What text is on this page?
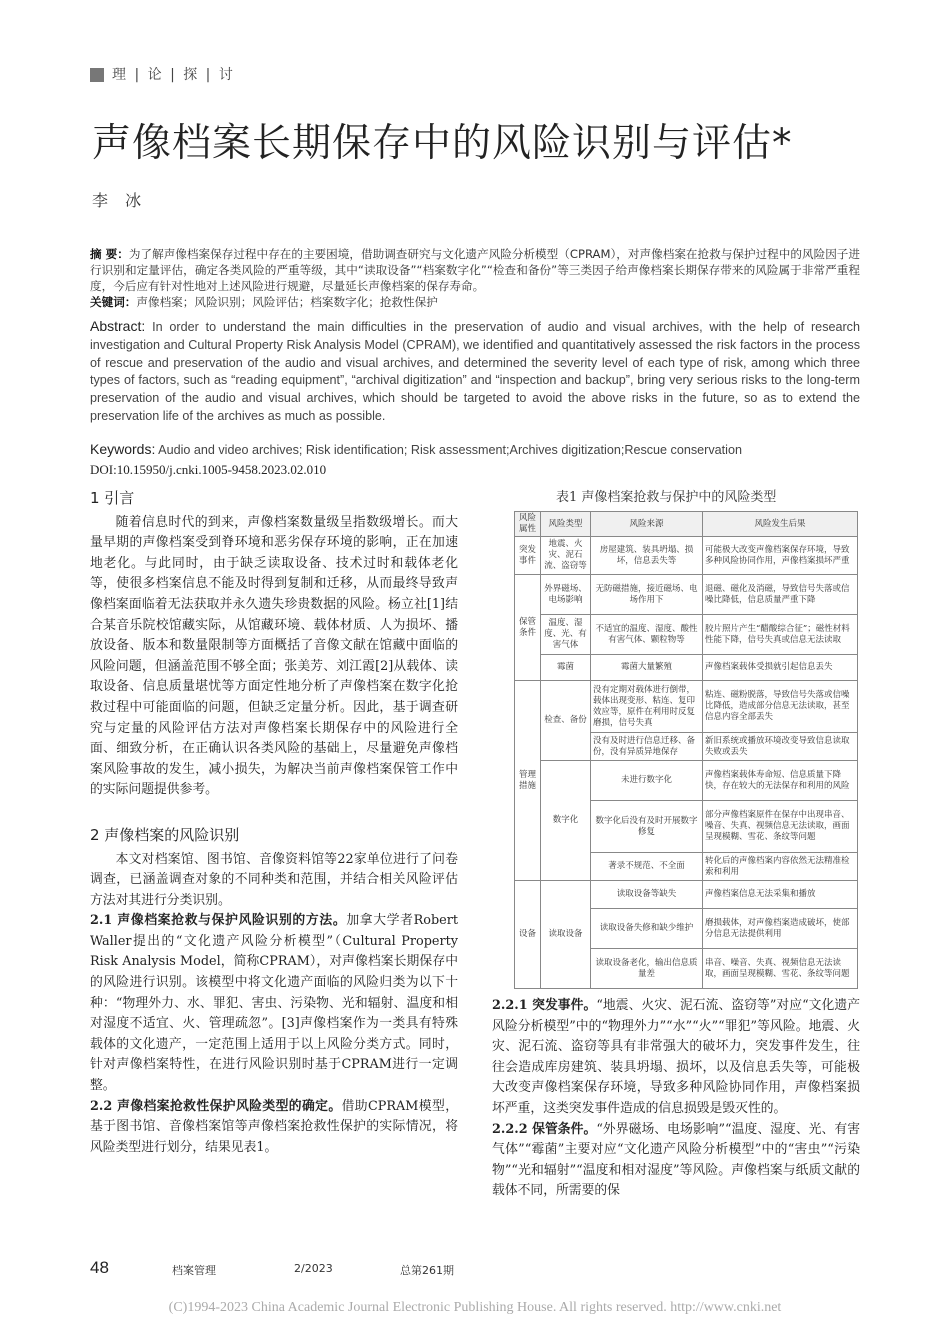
理 | 论 | 探 | 讨
声像档案长期保存中的风险识别与评估*
李 冰
摘 要：为了解声像档案保存过程中存在的主要困境，借助调查研究与文化遗产风险分析模型（CPRAM），对声像档案在抢救与保护过程中的风险因子进行识别和定量评估，确定各类风险的严重等级，其中“读取设备”“档案数字化”“检查和备份”等三类因子给声像档案长期保存带来的风险属于非常严重程度，今后应有针对性地对上述风险进行规避，尽量延长声像档案的保存寿命。
关键词：声像档案；风险识别；风险评估；档案数字化；抢救性保护
Abstract: In order to understand the main difficulties in the preservation of audio and visual archives, with the help of research investigation and Cultural Property Risk Analysis Model (CPRAM), we identified and quantitatively assessed the risk factors in the process of rescue and preservation of the audio and visual archives, and determined the severity level of each type of risk, among which three types of factors, such as “reading equipment”, “archival digitization” and “inspection and backup”, bring very serious risks to the long-term preservation of the audio and visual archives, which should be targeted to avoid the above risks in the future, so as to extend the preservation life of the archives as much as possible.
Keywords: Audio and video archives; Risk identification; Risk assessment;Archives digitization;Rescue conservation
DOI:10.15950/j.cnki.1005-9458.2023.02.010
1 引言

随着信息时代的到来，声像档案数量级呈指数级增长。而大量早期的声像档案受到脊环境和恶劣保存环境的影响，正在加速地老化。与此同时，由于缺乏读取设备、技术过时和载体老化等，使很多档案信息不能及时得到复制和迁移，从而最终导致声像档案面临着无法获取并永久遗失珍贵数据的风险。杨立社[1]结合某音乐院校馆藏实际，从馆藏环境、载体材质、人为损坏、播放设备、版本和数量限制等方面概括了音像文献在馆藏中面临的风险问题，但涵盖范围不够全面；张美芳、刘江霞[2]从载体、读取设备、信息质量堪忧等方面定性地分析了声像档案在数字化抢救过程中可能面临的问题，但缺乏定量分析。因此，基于调查研究与定量的风险评估方法对声像档案长期保存中的风险进行全面、细致分析，在正确认识各类风险的基础上，尽量避免声像档案风险事故的发生，减小损失，为解决当前声像档案保管工作中的实际问题提供参考。

2 声像档案的风险识别

本文对档案馆、图书馆、音像资料馆等22家单位进行了问卷调查，已涵盖调查对象的不同种类和范围，并结合相关风险评估方法对其进行分类识别。

2.1 声像档案抢救与保护风险识别的方法。加拿大学者Robert Waller提出的“文化遗产风险分析模型”（Cultural Property Risk Analysis Model，简称CPRAM），对声像档案长期保存中的风险进行识别。该模型中将文化遗产面临的风险归类为以下十种：“物理外力、水、罪犯、害虫、污染物、光和辐射、温度和相对湿度不适宜、火、管理疏忽”。[3]声像档案作为一类具有特殊载体的文化遗产，一定范围上适用于以上风险分类方式。同时，针对声像档案特性，在进行风险识别时基于CPRAM进行一定调整。

2.2 声像档案抢救性保护风险类型的确定。借助CPRAM模型，基于图书馆、音像档案馆等声像档案抢救性保护的实际情况，将风险类型进行划分，结果见表1。

表1 声像档案抢救与保护中的风险类型
风险属性	风险类型	风险来源	风险发生后果
突发事件	地震、火灾、泥石流、盗窃等	房屋建筑、装具坍塌、损坏，信息丢失等	可能极大改变声像档案保存环境，导致多种风险协同作用，声像档案损坏严重
保管条件	外界磁场、电场影响	无防磁措施，接近磁场、电场作用下	退磁、磁化及消磁，导致信号失落或信噪比降低，信息质量严重下降
	温度、湿度、光、有害气体	不适宜的温度、湿度、酸性有害气体、颗粒物等	胶片照片产生“醋酸综合征”；磁性材料性能下降，信号失真或信息无法读取
	霉菌	霉菌大量繁殖	声像档案载体受损就引起信息丢失
管理措施	检查、备份	没有定期对载体进行倒带，载体出现变形、粘连、复印效应等，原件在利用时反复磨损，信号失真	粘连、磁粉脱落，导致信号失落或信噪比降低，造成部分信息无法读取，甚至信息内容全部丢失
		没有及时进行信息迁移、备份，没有异质异地保存	新旧系统或播放环境改变导致信息读取失败或丢失
	数字化	未进行数字化	声像档案载体寿命短、信息质量下降快，存在较大的无法保存和利用的风险
		数字化后没有及时开展数字修复	部分声像档案原件在保存中出现串音、噪音、失真、视频信息无法读取，画面呈现模糊、雪花、条纹等问题
		著录不规范、不全面	转化后的声像档案内容依然无法精准检索和利用
设备	读取设备	读取设备等缺失	声像档案信息无法采集和播放
		读取设备失修和缺少维护	磨损载体，对声像档案造成破坏，使部分信息无法提供利用
		读取设备老化，输出信息质量差	串音、噪音、失真、视频信息无法读取，画面呈现模糊、雪花、条纹等问题

2.2.1 突发事件。“地震、火灾、泥石流、盗窃等”对应“文化遗产风险分析模型”中的“物理外力”“水”“火”“罪犯”等风险。地震、火灾、泥石流、盗窃等具有非常强大的破坏力，突发事件发生，往往会造成库房建筑、装具坍塌、损坏，以及信息丢失等，可能极大改变声像档案保存环境，导致多种风险协同作用，声像档案损坏严重，这类突发事件造成的信息损毁是毁灭性的。

2.2.2 保管条件。“外界磁场、电场影响”“温度、湿度、光、有害气体”“霉菌”主要对应“文化遗产风险分析模型”中的“害虫”“污染物”“光和辐射”“温度和相对湿度”等风险。声像档案与纸质文献的载体不同，所需要的保

48	档案管理	2/2023	总第261期
(C)1994-2023 China Academic Journal Electronic Publishing House. All rights reserved. http://www.cnki.net
